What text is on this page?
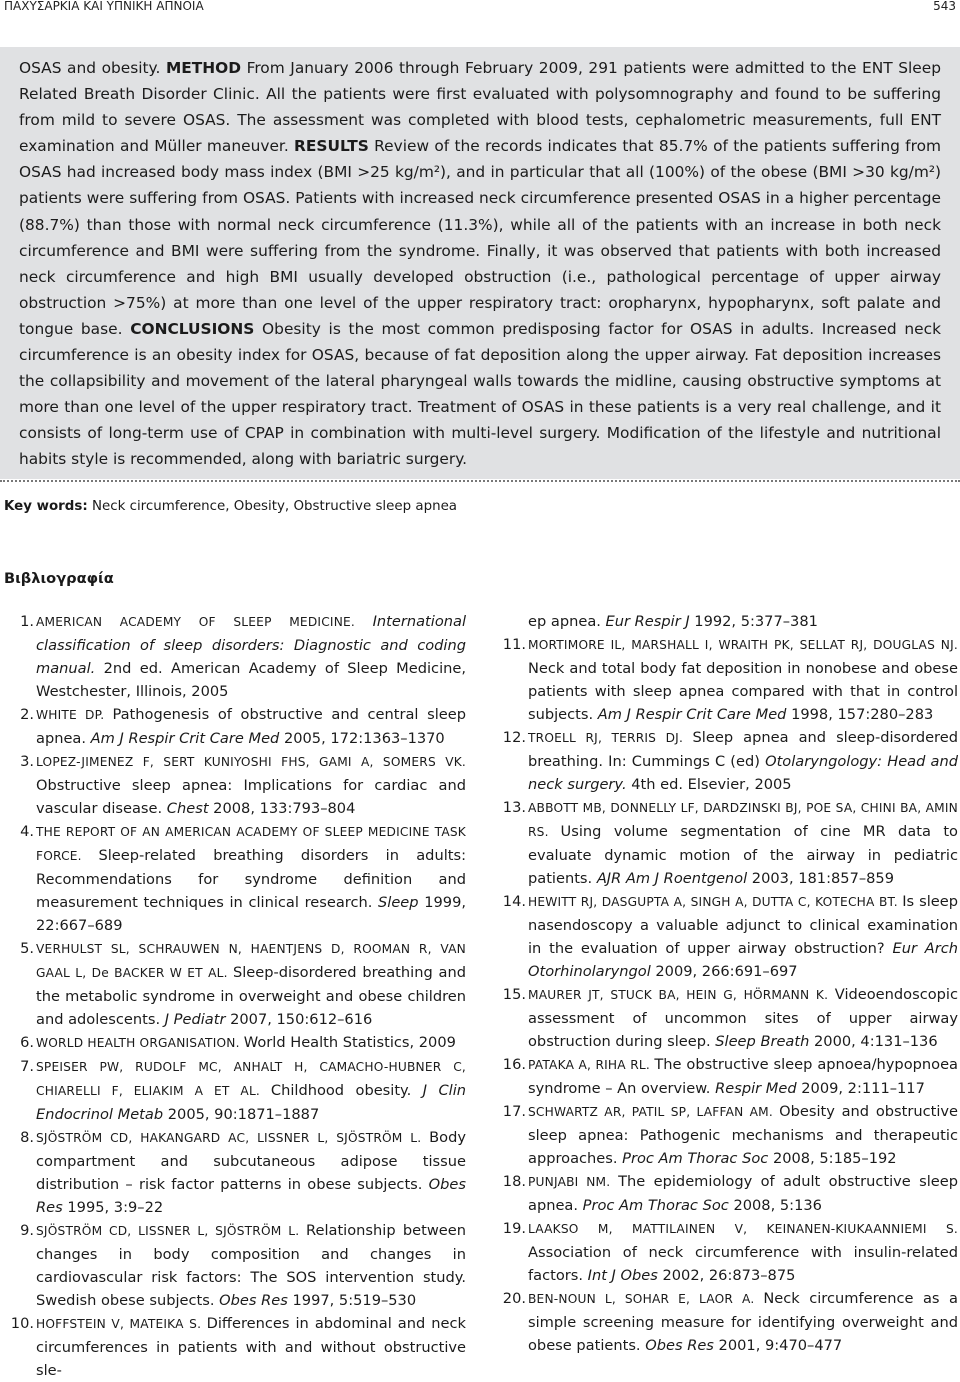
ΠΑΧΥΣΑΡΚΙΑ ΚΑΙ ΥΠΝΙΚΗ ΑΠΝΟΙΑ	543
OSAS and obesity. METHOD From January 2006 through February 2009, 291 patients were admitted to the ENT Sleep Related Breath Disorder Clinic. All the patients were first evaluated with polysomnography and found to be suffering from mild to severe OSAS. The assessment was completed with blood tests, cephalometric measurements, full ENT examination and Müller maneuver. RESULTS Review of the records indicates that 85.7% of the patients suffering from OSAS had increased body mass index (BMI >25 kg/m²), and in particular that all (100%) of the obese (BMI >30 kg/m²) patients were suffering from OSAS. Patients with increased neck circumference presented OSAS in a higher percentage (88.7%) than those with normal neck circumference (11.3%), while all of the patients with an increase in both neck circumference and BMI were suffering from the syndrome. Finally, it was observed that patients with both increased neck circumference and high BMI usually developed obstruction (i.e., pathological percentage of upper airway obstruction >75%) at more than one level of the upper respiratory tract: oropharynx, hypopharynx, soft palate and tongue base. CONCLUSIONS Obesity is the most common predisposing factor for OSAS in adults. Increased neck circumference is an obesity index for OSAS, because of fat deposition along the upper airway. Fat deposition increases the collapsibility and movement of the lateral pharyngeal walls towards the midline, causing obstructive symptoms at more than one level of the upper respiratory tract. Treatment of OSAS in these patients is a very real challenge, and it consists of long-term use of CPAP in combination with multi-level surgery. Modification of the lifestyle and nutritional habits style is recommended, along with bariatric surgery.
Key words: Neck circumference, Obesity, Obstructive sleep apnea
Βιβλιογραφία
1. AMERICAN ACADEMY OF SLEEP MEDICINE. International classification of sleep disorders: Diagnostic and coding manual. 2nd ed. American Academy of Sleep Medicine, Westchester, Illinois, 2005
2. WHITE DP. Pathogenesis of obstructive and central sleep apnea. Am J Respir Crit Care Med 2005, 172:1363–1370
3. LOPEZ-JIMENEZ F, SERT KUNIYOSHI FHS, GAMI A, SOMERS VK. Obstructive sleep apnea: Implications for cardiac and vascular disease. Chest 2008, 133:793–804
4. THE REPORT OF AN AMERICAN ACADEMY OF SLEEP MEDICINE TASK FORCE. Sleep-related breathing disorders in adults: Recommendations for syndrome definition and measurement techniques in clinical research. Sleep 1999, 22:667–689
5. VERHULST SL, SCHRAUWEN N, HAENTJENS D, ROOMAN R, VAN GAAL L, De BACKER W ET AL. Sleep-disordered breathing and the metabolic syndrome in overweight and obese children and adolescents. J Pediatr 2007, 150:612–616
6. WORLD HEALTH ORGANISATION. World Health Statistics, 2009
7. SPEISER PW, RUDOLF MC, ANHALT H, CAMACHO-HUBNER C, CHIARELLI F, ELIAKIM A ET AL. Childhood obesity. J Clin Endocrinol Metab 2005, 90:1871–1887
8. SJÖSTRÖM CD, HAKANGARD AC, LISSNER L, SJÖSTRÖM L. Body compartment and subcutaneous adipose tissue distribution – risk factor patterns in obese subjects. Obes Res 1995, 3:9–22
9. SJÖSTRÖM CD, LISSNER L, SJÖSTRÖM L. Relationship between changes in body composition and changes in cardiovascular risk factors: The SOS intervention study. Swedish obese subjects. Obes Res 1997, 5:519–530
10. HOFFSTEIN V, MATEIKA S. Differences in abdominal and neck circumferences in patients with and without obstructive sle-
ep apnea. Eur Respir J 1992, 5:377–381
11. MORTIMORE IL, MARSHALL I, WRAITH PK, SELLAT RJ, DOUGLAS NJ. Neck and total body fat deposition in nonobese and obese patients with sleep apnea compared with that in control subjects. Am J Respir Crit Care Med 1998, 157:280–283
12. TROELL RJ, TERRIS DJ. Sleep apnea and sleep-disordered breathing. In: Cummings C (ed) Otolaryngology: Head and neck surgery. 4th ed. Elsevier, 2005
13. ABBOTT MB, DONNELLY LF, DARDZINSKI BJ, POE SA, CHINI BA, AMIN RS. Using volume segmentation of cine MR data to evaluate dynamic motion of the airway in pediatric patients. AJR Am J Roentgenol 2003, 181:857–859
14. HEWITT RJ, DASGUPTA A, SINGH A, DUTTA C, KOTECHA BT. Is sleep nasendoscopy a valuable adjunct to clinical examination in the evaluation of upper airway obstruction? Eur Arch Otorhinolaryngol 2009, 266:691–697
15. MAURER JT, STUCK BA, HEIN G, HÖRMANN K. Videoendoscopic assessment of uncommon sites of upper airway obstruction during sleep. Sleep Breath 2000, 4:131–136
16. PATAKA A, RIHA RL. The obstructive sleep apnoea/hypopnoea syndrome – An overview. Respir Med 2009, 2:111–117
17. SCHWARTZ AR, PATIL SP, LAFFAN AM. Obesity and obstructive sleep apnea: Pathogenic mechanisms and therapeutic approaches. Proc Am Thorac Soc 2008, 5:185–192
18. PUNJABI NM. The epidemiology of adult obstructive sleep apnea. Proc Am Thorac Soc 2008, 5:136
19. LAAKSO M, MATTILAINEN V, KEINANEN-KIUKAANNIEMI S. Association of neck circumference with insulin-related factors. Int J Obes 2002, 26:873–875
20. BEN-NOUN L, SOHAR E, LAOR A. Neck circumference as a simple screening measure for identifying overweight and obese patients. Obes Res 2001, 9:470–477
